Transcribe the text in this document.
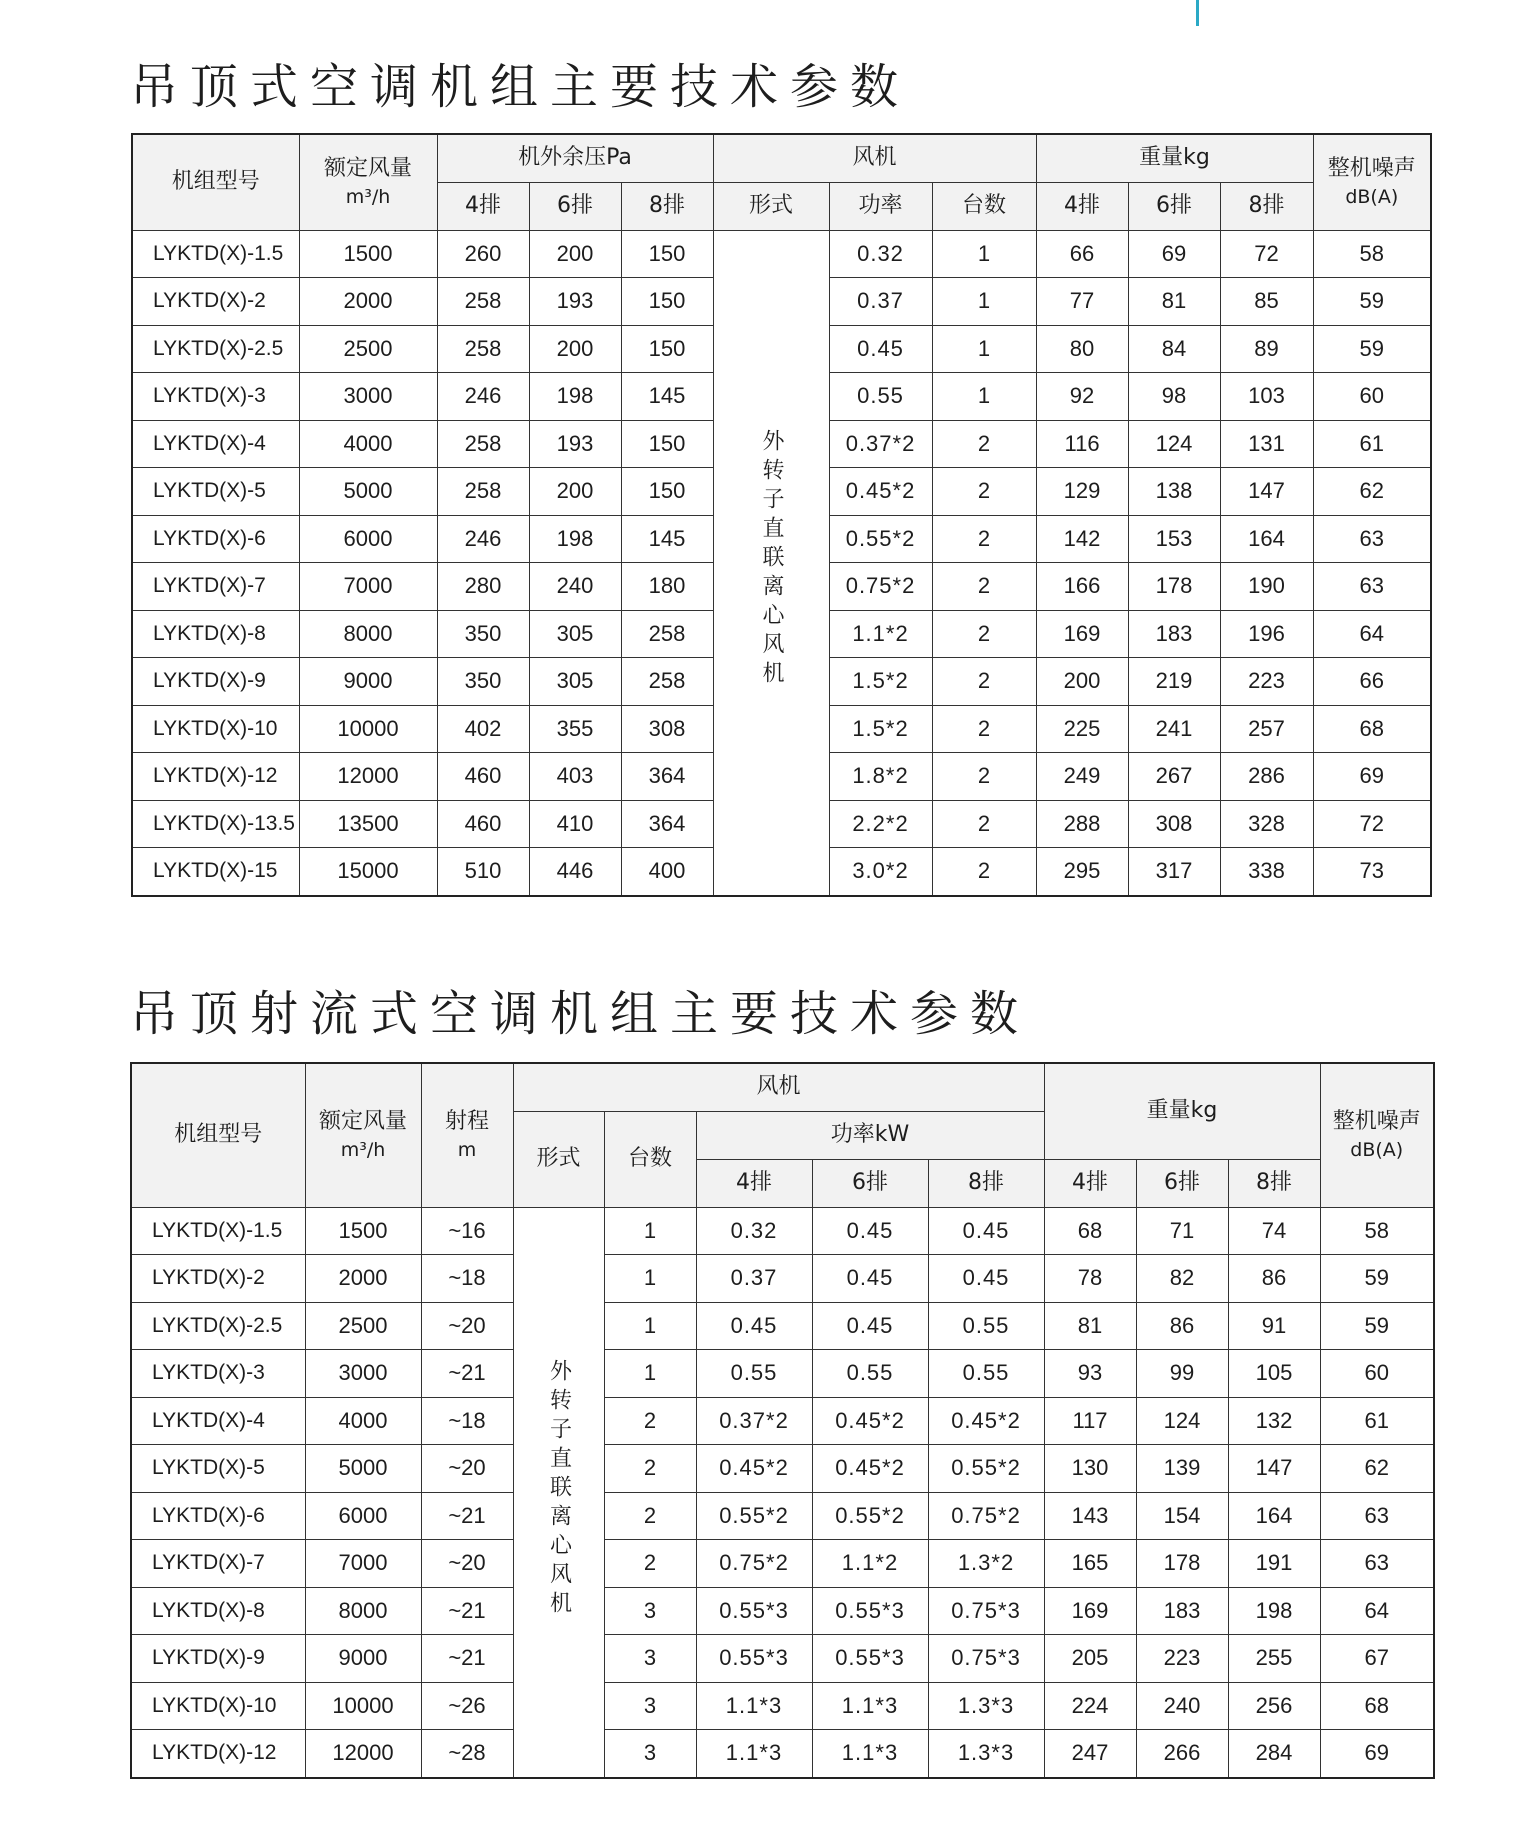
吊顶式空调机组主要技术参数
机组型号	额定风量
m³/h	机外余压Pa			风机			重量kg			整机噪声
dB(A)

		4排	6排	8排	形式	功率	台数	4排	6排	8排	
LYKTD(X)-1.5	1500	260	200	150	外转子直联离心风机	0.32	1	66	69	72	58
LYKTD(X)-2	2000	258	193	150		0.37	1	77	81	85	59
LYKTD(X)-2.5	2500	258	200	150		0.45	1	80	84	89	59
LYKTD(X)-3	3000	246	198	145		0.55	1	92	98	103	60
LYKTD(X)-4	4000	258	193	150		0.37*2	2	116	124	131	61
LYKTD(X)-5	5000	258	200	150		0.45*2	2	129	138	147	62
LYKTD(X)-6	6000	246	198	145		0.55*2	2	142	153	164	63
LYKTD(X)-7	7000	280	240	180		0.75*2	2	166	178	190	63
LYKTD(X)-8	8000	350	305	258		1.1*2	2	169	183	196	64
LYKTD(X)-9	9000	350	305	258		1.5*2	2	200	219	223	66
LYKTD(X)-10	10000	402	355	308		1.5*2	2	225	241	257	68
LYKTD(X)-12	12000	460	403	364		1.8*2	2	249	267	286	69
LYKTD(X)-13.5	13500	460	410	364		2.2*2	2	288	308	328	72
LYKTD(X)-15	15000	510	446	400		3.0*2	2	295	317	338	73
吊顶射流式空调机组主要技术参数
机组型号	额定风量
m³/h	射程
m	风机					重量kg			整机噪声
dB(A)

			形式	台数	功率kW						
					4排	6排	8排	4排	6排	8排	
LYKTD(X)-1.5	1500	~16	外转子直联离心风机	1	0.32	0.45	0.45	68	71	74	58
LYKTD(X)-2	2000	~18		1	0.37	0.45	0.45	78	82	86	59
LYKTD(X)-2.5	2500	~20		1	0.45	0.45	0.55	81	86	91	59
LYKTD(X)-3	3000	~21		1	0.55	0.55	0.55	93	99	105	60
LYKTD(X)-4	4000	~18		2	0.37*2	0.45*2	0.45*2	117	124	132	61
LYKTD(X)-5	5000	~20		2	0.45*2	0.45*2	0.55*2	130	139	147	62
LYKTD(X)-6	6000	~21		2	0.55*2	0.55*2	0.75*2	143	154	164	63
LYKTD(X)-7	7000	~20		2	0.75*2	1.1*2	1.3*2	165	178	191	63
LYKTD(X)-8	8000	~21		3	0.55*3	0.55*3	0.75*3	169	183	198	64
LYKTD(X)-9	9000	~21		3	0.55*3	0.55*3	0.75*3	205	223	255	67
LYKTD(X)-10	10000	~26		3	1.1*3	1.1*3	1.3*3	224	240	256	68
LYKTD(X)-12	12000	~28		3	1.1*3	1.1*3	1.3*3	247	266	284	69
